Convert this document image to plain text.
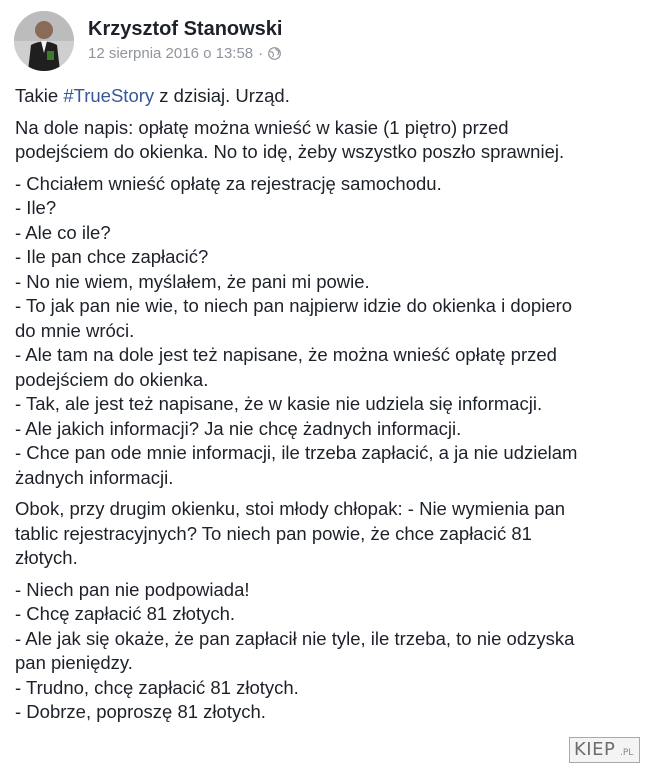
Krzysztof Stanowski
12 sierpnia 2016 o 13:58 ·

Takie #TrueStory z dzisiaj. Urząd.

Na dole napis: opłatę można wnieść w kasie (1 piętro) przed
podejściem do okienka. No to idę, żeby wszystko poszło sprawniej.

- Chciałem wnieść opłatę za rejestrację samochodu.
- Ile?
- Ale co ile?
- Ile pan chce zapłacić?
- No nie wiem, myślałem, że pani mi powie.
- To jak pan nie wie, to niech pan najpierw idzie do okienka i dopiero
do mnie wróci.
- Ale tam na dole jest też napisane, że można wnieść opłatę przed
podejściem do okienka.
- Tak, ale jest też napisane, że w kasie nie udziela się informacji.
- Ale jakich informacji? Ja nie chcę żadnych informacji.
- Chce pan ode mnie informacji, ile trzeba zapłacić, a ja nie udzielam
żadnych informacji.

Obok, przy drugim okienku, stoi młody chłopak: - Nie wymienia pan
tablic rejestracyjnych? To niech pan powie, że chce zapłacić 81
złotych.

- Niech pan nie podpowiada!
- Chcę zapłacić 81 złotych.
- Ale jak się okaże, że pan zapłacił nie tyle, ile trzeba, to nie odzyska
pan pieniędzy.
- Trudno, chcę zapłacić 81 złotych.
- Dobrze, poproszę 81 złotych.

KIEP .PL
